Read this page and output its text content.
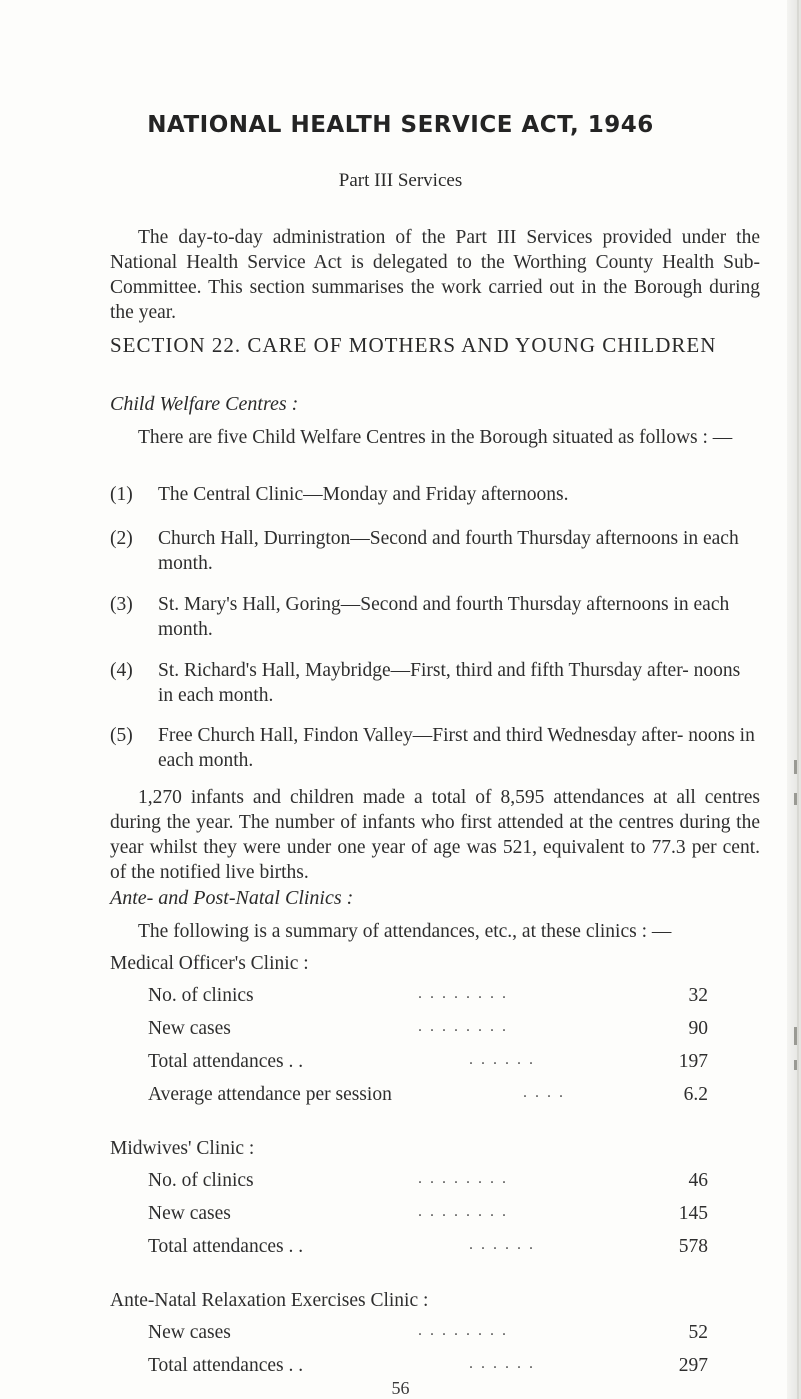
NATIONAL HEALTH SERVICE ACT, 1946
Part III Services
The day-to-day administration of the Part III Services provided under the National Health Service Act is delegated to the Worthing County Health Sub-Committee. This section summarises the work carried out in the Borough during the year.
SECTION 22. CARE OF MOTHERS AND YOUNG CHILDREN
Child Welfare Centres :
There are five Child Welfare Centres in the Borough situated as follows : —
(1)	The Central Clinic—Monday and Friday afternoons.
(2)	Church Hall, Durrington—Second and fourth Thursday afternoons in each month.
(3)	St. Mary's Hall, Goring—Second and fourth Thursday afternoons in each month.
(4)	St. Richard's Hall, Maybridge—First, third and fifth Thursday after- noons in each month.
(5)	Free Church Hall, Findon Valley—First and third Wednesday after- noons in each month.
1,270 infants and children made a total of 8,595 attendances at all centres during the year. The number of infants who first attended at the centres during the year whilst they were under one year of age was 521, equivalent to 77.3 per cent. of the notified live births.
Ante- and Post-Natal Clinics :
The following is a summary of attendances, etc., at these clinics : —
Medical Officer's Clinic :
No. of clinics	. . . . . . . .	32
New cases	. . . . . . . .	90
Total attendances . .	. . . . . .	197
Average attendance per session	. . . .	6.2
Midwives' Clinic :
No. of clinics	. . . . . . . .	46
New cases	. . . . . . . .	145
Total attendances . .	. . . . . .	578
Ante-Natal Relaxation Exercises Clinic :
New cases	. . . . . . . .	52
Total attendances . .	. . . . . .	297
56
